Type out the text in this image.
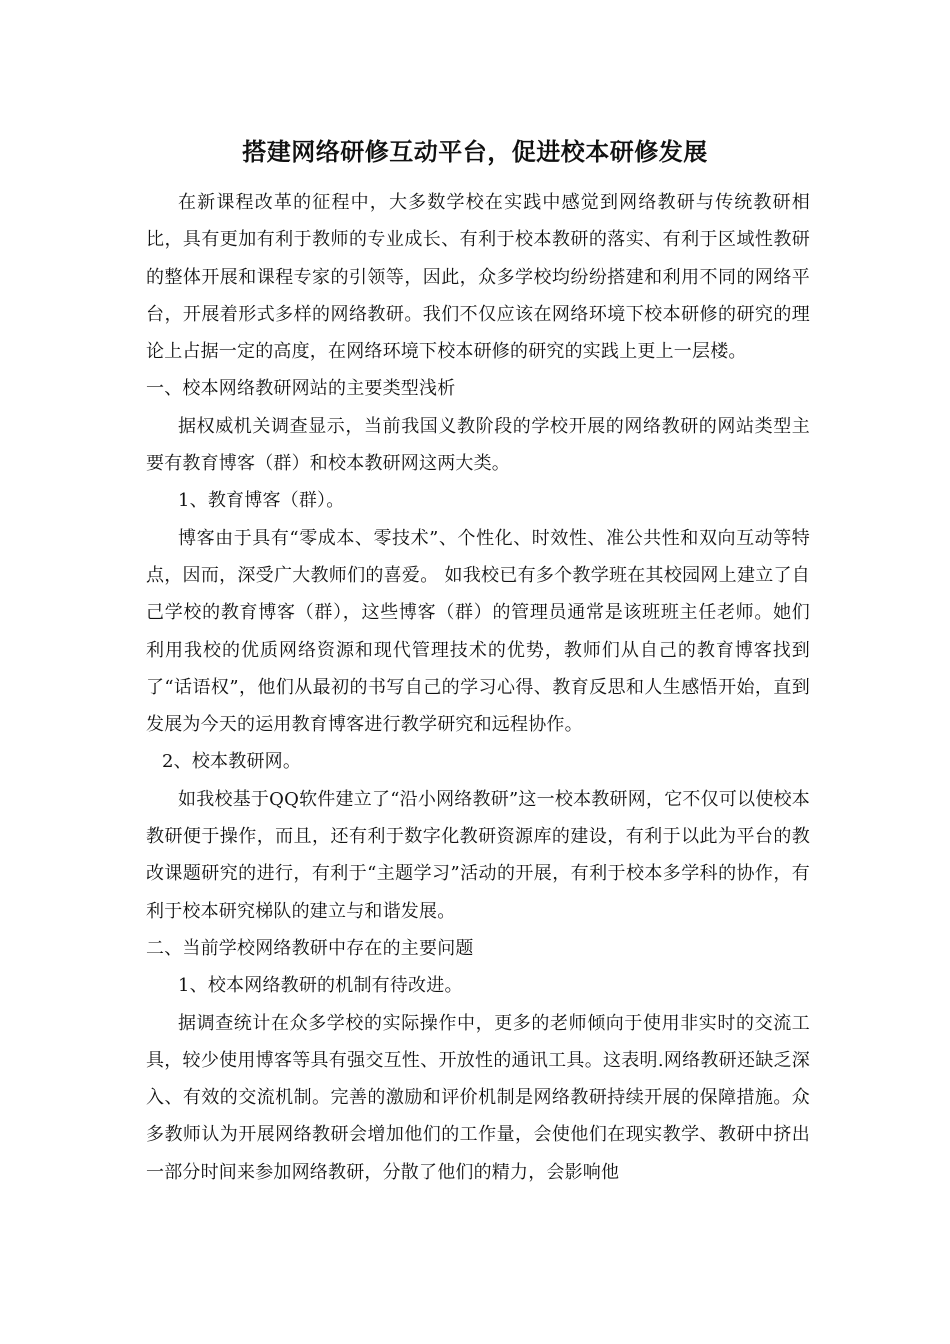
搭建网络研修互动平台，促进校本研修发展

在新课程改革的征程中，大多数学校在实践中感觉到网络教研与传统教研相比，具有更加有利于教师的专业成长、有利于校本教研的落实、有利于区域性教研的整体开展和课程专家的引领等，因此，众多学校均纷纷搭建和利用不同的网络平台，开展着形式多样的网络教研。我们不仅应该在网络环境下校本研修的研究的理论上占据一定的高度，在网络环境下校本研修的研究的实践上更上一层楼。

一、校本网络教研网站的主要类型浅析

据权威机关调查显示，当前我国义教阶段的学校开展的网络教研的网站类型主要有教育博客（群）和校本教研网这两大类。

1、教育博客（群）。

博客由于具有“零成本、零技术”、个性化、时效性、准公共性和双向互动等特点，因而，深受广大教师们的喜爱。 如我校已有多个教学班在其校园网上建立了自己学校的教育博客（群），这些博客（群）的管理员通常是该班班主任老师。她们利用我校的优质网络资源和现代管理技术的优势，教师们从自己的教育博客找到了“话语权”，他们从最初的书写自己的学习心得、教育反思和人生感悟开始，直到发展为今天的运用教育博客进行教学研究和远程协作。

2、校本教研网。

如我校基于QQ软件建立了“沿小网络教研”这一校本教研网，它不仅可以使校本教研便于操作，而且，还有利于数字化教研资源库的建设，有利于以此为平台的教改课题研究的进行，有利于“主题学习”活动的开展，有利于校本多学科的协作，有利于校本研究梯队的建立与和谐发展。

二、当前学校网络教研中存在的主要问题

1、校本网络教研的机制有待改进。

据调查统计在众多学校的实际操作中，更多的老师倾向于使用非实时的交流工具，较少使用博客等具有强交互性、开放性的通讯工具。这表明.网络教研还缺乏深入、有效的交流机制。完善的激励和评价机制是网络教研持续开展的保障措施。众多教师认为开展网络教研会增加他们的工作量，会使他们在现实教学、教研中挤出一部分时间来参加网络教研，分散了他们的精力，会影响他
